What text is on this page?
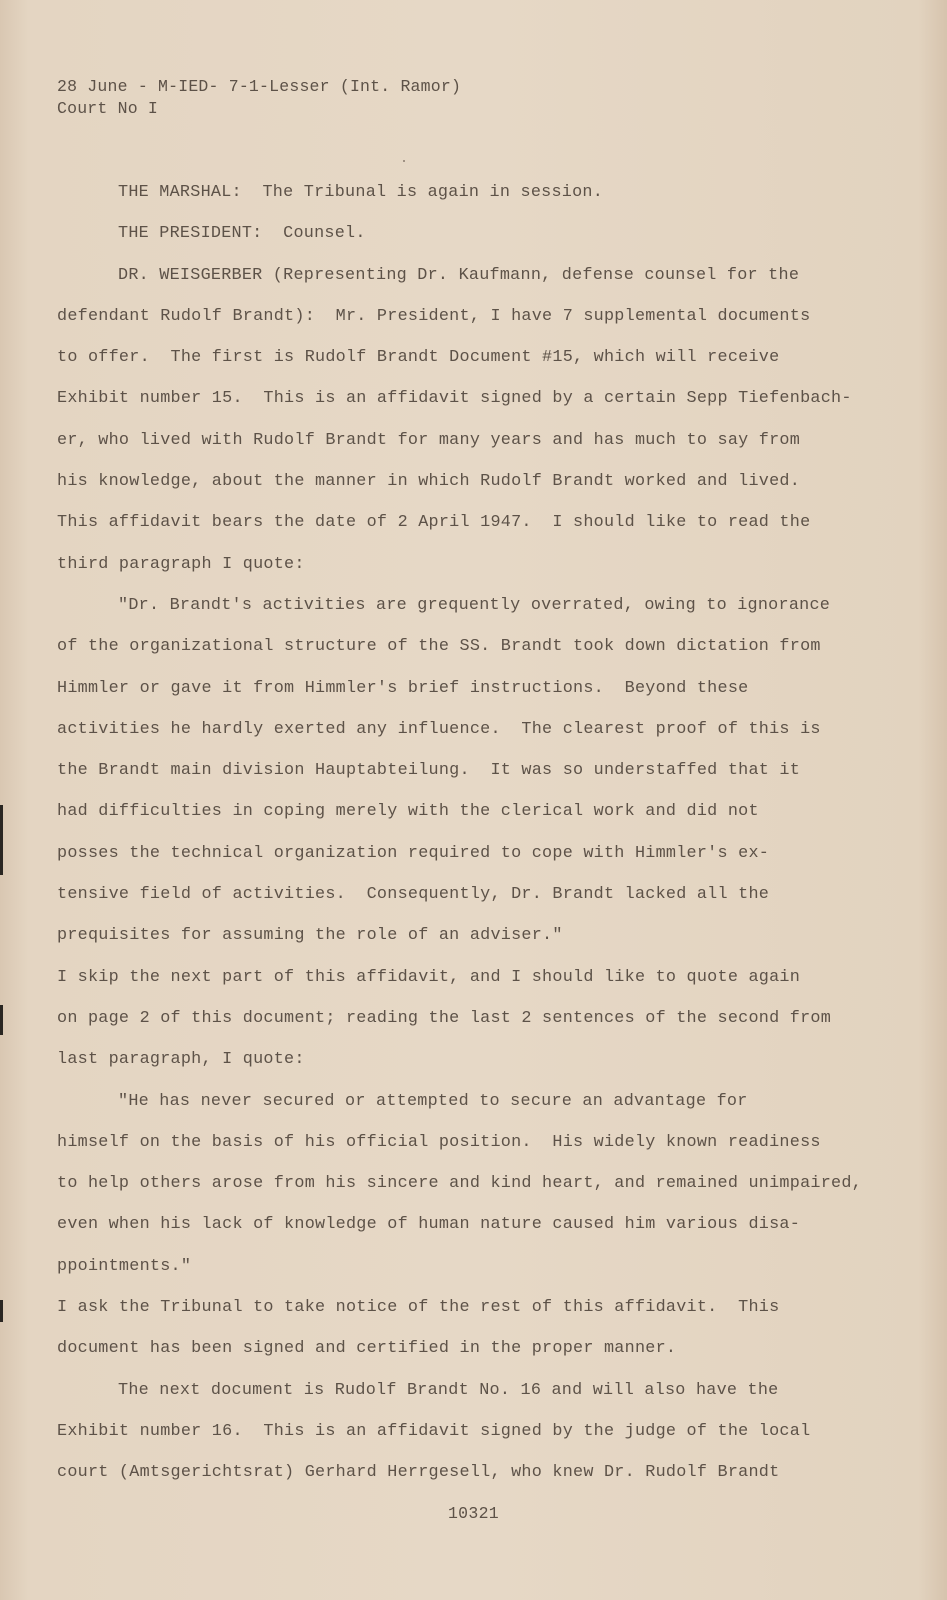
28 June - M-IED- 7-1-Lesser (Int. Ramor)
Court No I
THE MARSHAL:  The Tribunal is again in session.
THE PRESIDENT:  Counsel.
DR. WEISGERBER (Representing Dr. Kaufmann, defense counsel for the
defendant Rudolf Brandt):  Mr. President, I have 7 supplemental documents
to offer.  The first is Rudolf Brandt Document #15, which will receive
Exhibit number 15.  This is an affidavit signed by a certain Sepp Tiefenbach-
er, who lived with Rudolf Brandt for many years and has much to say from
his knowledge, about the manner in which Rudolf Brandt worked and lived.
This affidavit bears the date of 2 April 1947.  I should like to read the
third paragraph I quote:
"Dr. Brandt's activities are grequently overrated, owing to ignorance
of the organizational structure of the SS. Brandt took down dictation from
Himmler or gave it from Himmler's brief instructions.  Beyond these
activities he hardly exerted any influence.  The clearest proof of this is
the Brandt main division Hauptabteilung.  It was so understaffed that it
had difficulties in coping merely with the clerical work and did not
posses the technical organization required to cope with Himmler's ex-
tensive field of activities.  Consequently, Dr. Brandt lacked all the
prequisites for assuming the role of an adviser."
I skip the next part of this affidavit, and I should like to quote again
on page 2 of this document; reading the last 2 sentences of the second from
last paragraph, I quote:
"He has never secured or attempted to secure an advantage for
himself on the basis of his official position.  His widely known readiness
to help others arose from his sincere and kind heart, and remained unimpaired,
even when his lack of knowledge of human nature caused him various disa-
ppointments."
I ask the Tribunal to take notice of the rest of this affidavit.  This
document has been signed and certified in the proper manner.
The next document is Rudolf Brandt No. 16 and will also have the
Exhibit number 16.  This is an affidavit signed by the judge of the local
court (Amtsgerichtsrat) Gerhard Herrgesell, who knew Dr. Rudolf Brandt
10321
